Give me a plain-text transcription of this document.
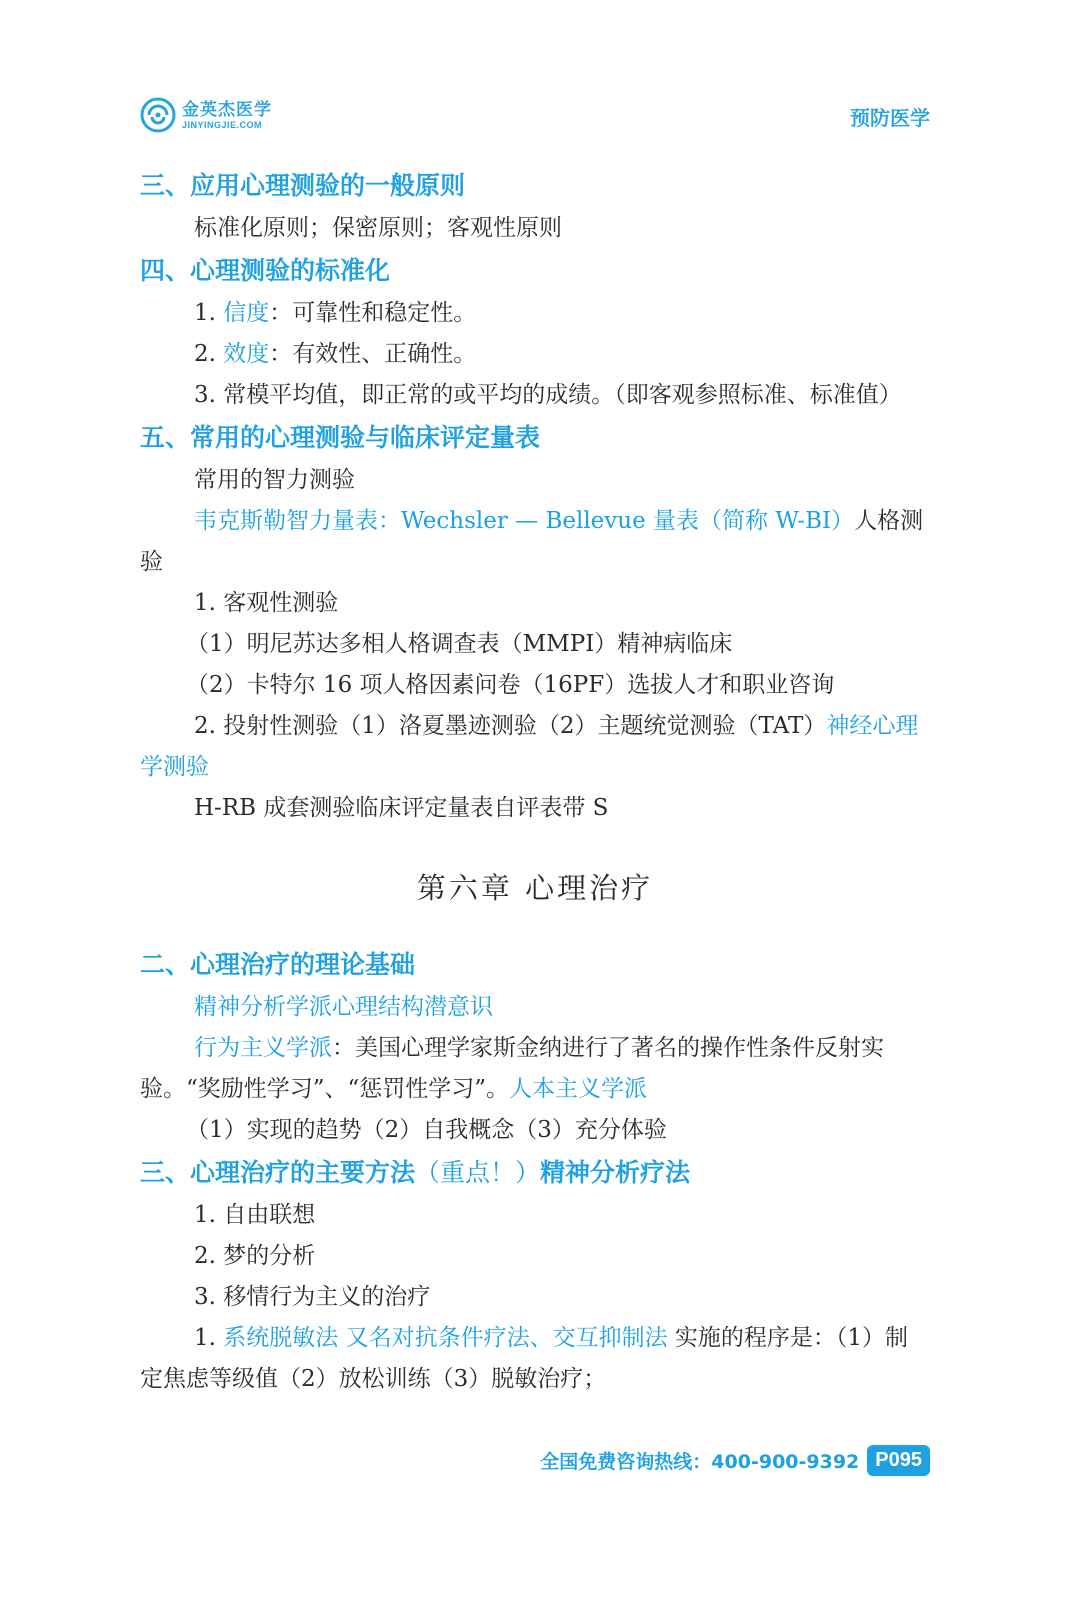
金英杰医学
JINYINGJIE.COM	预防医学
三、应用心理测验的一般原则

标准化原则；保密原则；客观性原则

四、心理测验的标准化

1. 信度：可靠性和稳定性。

2. 效度：有效性、正确性。

3. 常模平均值，即正常的或平均的成绩。（即客观参照标准、标准值）

五、常用的心理测验与临床评定量表

常用的智力测验

韦克斯勒智力量表：Wechsler — Bellevue 量表（简称 W-BI）人格测验

1. 客观性测验

（1）明尼苏达多相人格调查表（MMPI）精神病临床

（2）卡特尔 16 项人格因素问卷（16PF）选拔人才和职业咨询

2. 投射性测验（1）洛夏墨迹测验（2）主题统觉测验（TAT）神经心理学测验

H-RB 成套测验临床评定量表自评表带 S

第六章 心理治疗
二、心理治疗的理论基础

精神分析学派心理结构潜意识

行为主义学派：美国心理学家斯金纳进行了著名的操作性条件反射实验。“奖励性学习”、“惩罚性学习”。人本主义学派

（1）实现的趋势（2）自我概念（3）充分体验

三、心理治疗的主要方法（重点！）精神分析疗法

1. 自由联想

2. 梦的分析

3. 移情行为主义的治疗

1. 系统脱敏法 又名对抗条件疗法、交互抑制法 实施的程序是：（1）制定焦虑等级值（2）放松训练（3）脱敏治疗；

全国免费咨询热线：400-900-9392 P095
